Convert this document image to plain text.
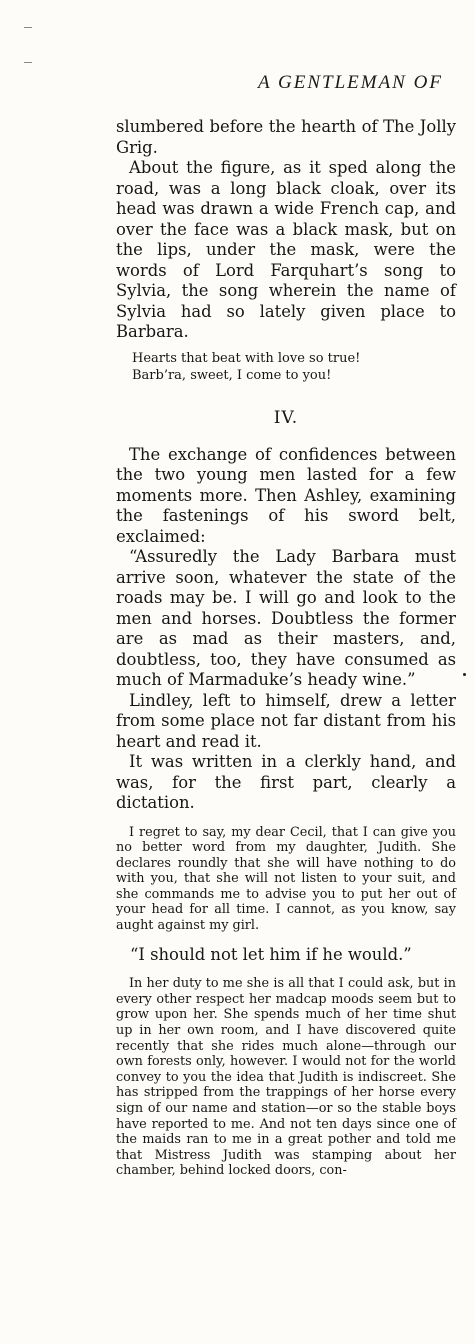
A GENTLEMAN OF

slumbered before the hearth of The Jolly Grig.

About the figure, as it sped along the road, was a long black cloak, over its head was drawn a wide French cap, and over the face was a black mask, but on the lips, under the mask, were the words of Lord Farquhart’s song to Sylvia, the song wherein the name of Sylvia had so lately given place to Barbara.

Hearts that beat with love so true!

Barb’ra, sweet, I come to you!

IV.

The exchange of confidences between the two young men lasted for a few moments more. Then Ashley, examining the fastenings of his sword belt, exclaimed:

“Assuredly the Lady Barbara must arrive soon, whatever the state of the roads may be. I will go and look to the men and horses. Doubtless the former are as mad as their masters, and, doubtless, too, they have consumed as much of Marmaduke’s heady wine.”

Lindley, left to himself, drew a letter from some place not far distant from his heart and read it.

It was written in a clerkly hand, and was, for the first part, clearly a dictation.

I regret to say, my dear Cecil, that I can give you no better word from my daughter, Judith. She declares roundly that she will have nothing to do with you, that she will not listen to your suit, and she commands me to advise you to put her out of your head for all time. I cannot, as you know, say aught against my girl.

“I should not let him if he would.”

In her duty to me she is all that I could ask, but in every other respect her madcap moods seem but to grow upon her. She spends much of her time shut up in her own room, and I have discovered quite recently that she rides much alone—through our own forests only, however. I would not for the world convey to you the idea that Judith is indiscreet. She has stripped from the trappings of her horse every sign of our name and station—or so the stable boys have reported to me. And not ten days since one of the maids ran to me in a great pother and told me that Mistress Judith was stamping about her chamber, behind locked doors, con-
